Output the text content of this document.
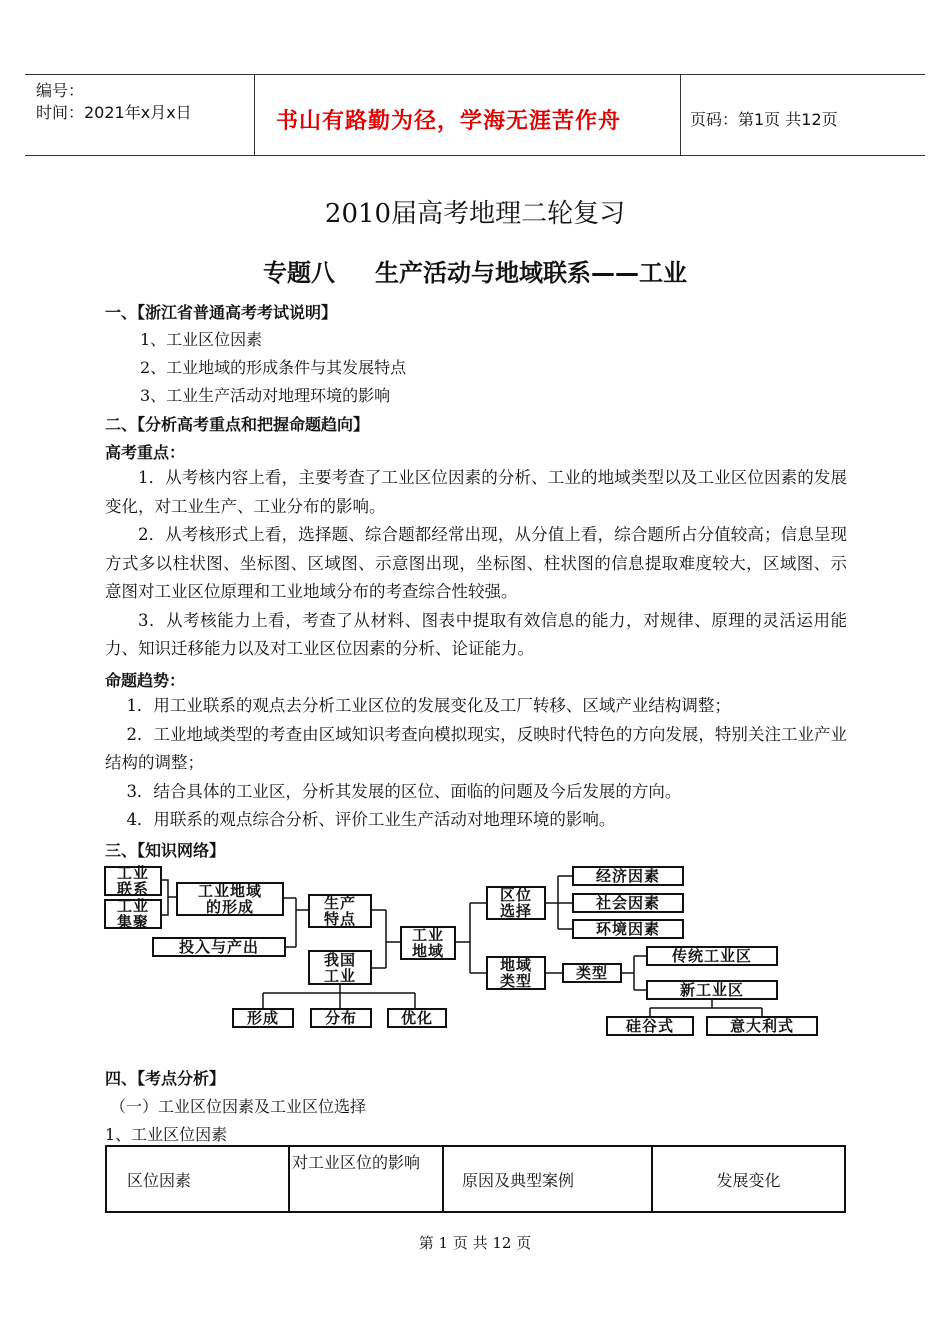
编号：
时间：2021年x月x日	书山有路勤为径，学海无涯苦作舟	页码：第1页 共12页
2010届高考地理二轮复习
专题八 生产活动与地域联系——工业
一、【浙江省普通高考考试说明】
1、工业区位因素
2、工业地域的形成条件与其发展特点
3、工业生产活动对地理环境的影响
二、【分析高考重点和把握命题趋向】
高考重点：

1．从考核内容上看，主要考查了工业区位因素的分析、工业的地域类型以及工业区位因素的发展变化，对工业生产、工业分布的影响。

2．从考核形式上看，选择题、综合题都经常出现，从分值上看，综合题所占分值较高；信息呈现方式多以柱状图、坐标图、区域图、示意图出现，坐标图、柱状图的信息提取难度较大，区域图、示意图对工业区位原理和工业地域分布的考查综合性较强。

3．从考核能力上看，考查了从材料、图表中提取有效信息的能力，对规律、原理的灵活运用能力、知识迁移能力以及对工业区位因素的分析、论证能力。

命题趋势：

1．用工业联系的观点去分析工业区位的发展变化及工厂转移、区域产业结构调整；

2．工业地域类型的考查由区域知识考查向模拟现实，反映时代特色的方向发展，特别关注工业产业结构的调整；

3．结合具体的工业区，分析其发展的区位、面临的问题及今后发展的方向。

4．用联系的观点综合分析、评价工业生产活动对地理环境的影响。

三、【知识网络】
工业
联系
工业
集聚
工业地域
的形成
投入与产出
生产
特点
我国
工业
形成	分布	优化
工业
地域
区位
选择
地域
类型
经济因素
社会因素
环境因素
类型
传统工业区
新工业区
硅谷式	意大利式
四、【考点分析】
（一）工业区位因素及工业区位选择
1、工业区位因素
区位因素	对工业区位的影响	原因及典型案例	发展变化
第 1 页 共 12 页
